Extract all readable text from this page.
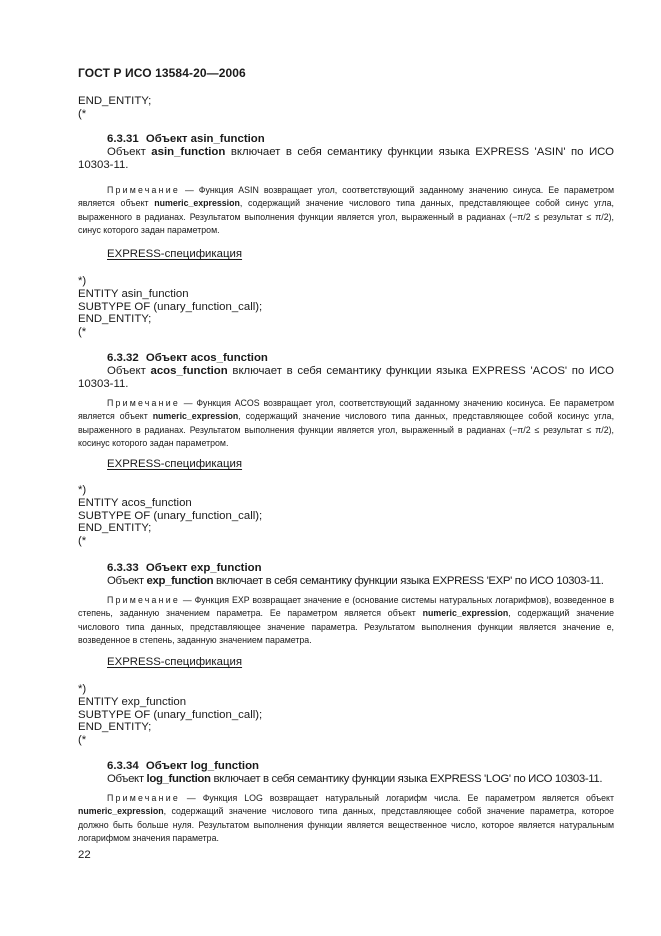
ГОСТ Р ИСО 13584-20—2006
END_ENTITY;
(*
6.3.31 Объект asin_function

Объект asin_function включает в себя семантику функции языка EXPRESS 'ASIN' по ИСО 10303-11.

Примечание — Функция ASIN возвращает угол, соответствующий заданному значению синуса. Ее параметром является объект numeric_expression, содержащий значение числового типа данных, представляющее собой синус угла, выраженного в радианах. Результатом выполнения функции является угол, выраженный в радианах (−π/2 ≤ результат ≤ π/2), синус которого задан параметром.

EXPRESS-спецификация
*)
ENTITY asin_function
SUBTYPE OF (unary_function_call);
END_ENTITY;
(*
6.3.32 Объект acos_function

Объект acos_function включает в себя семантику функции языка EXPRESS 'ACOS' по ИСО 10303-11.

Примечание — Функция ACOS возвращает угол, соответствующий заданному значению косинуса. Ее параметром является объект numeric_expression, содержащий значение числового типа данных, представляющее собой косинус угла, выраженного в радианах. Результатом выполнения функции является угол, выраженный в радианах (−π/2 ≤ результат ≤ π/2), косинус которого задан параметром.

EXPRESS-спецификация
*)
ENTITY acos_function
SUBTYPE OF (unary_function_call);
END_ENTITY;
(*
6.3.33 Объект exp_function

Объект exp_function включает в себя семантику функции языка EXPRESS 'EXP' по ИСО 10303-11.

Примечание — Функция EXP возвращает значение e (основание системы натуральных логарифмов), возведенное в степень, заданную значением параметра. Ее параметром является объект numeric_expression, содержащий значение числового типа данных, представляющее значение параметра. Результатом выполнения функции является значение e, возведенное в степень, заданную значением параметра.

EXPRESS-спецификация
*)
ENTITY exp_function
SUBTYPE OF (unary_function_call);
END_ENTITY;
(*
6.3.34 Объект log_function

Объект log_function включает в себя семантику функции языка EXPRESS 'LOG' по ИСО 10303-11.

Примечание — Функция LOG возвращает натуральный логарифм числа. Ее параметром является объект numeric_expression, содержащий значение числового типа данных, представляющее собой значение параметра, которое должно быть больше нуля. Результатом выполнения функции является вещественное число, которое является натуральным логарифмом значения параметра.

22
